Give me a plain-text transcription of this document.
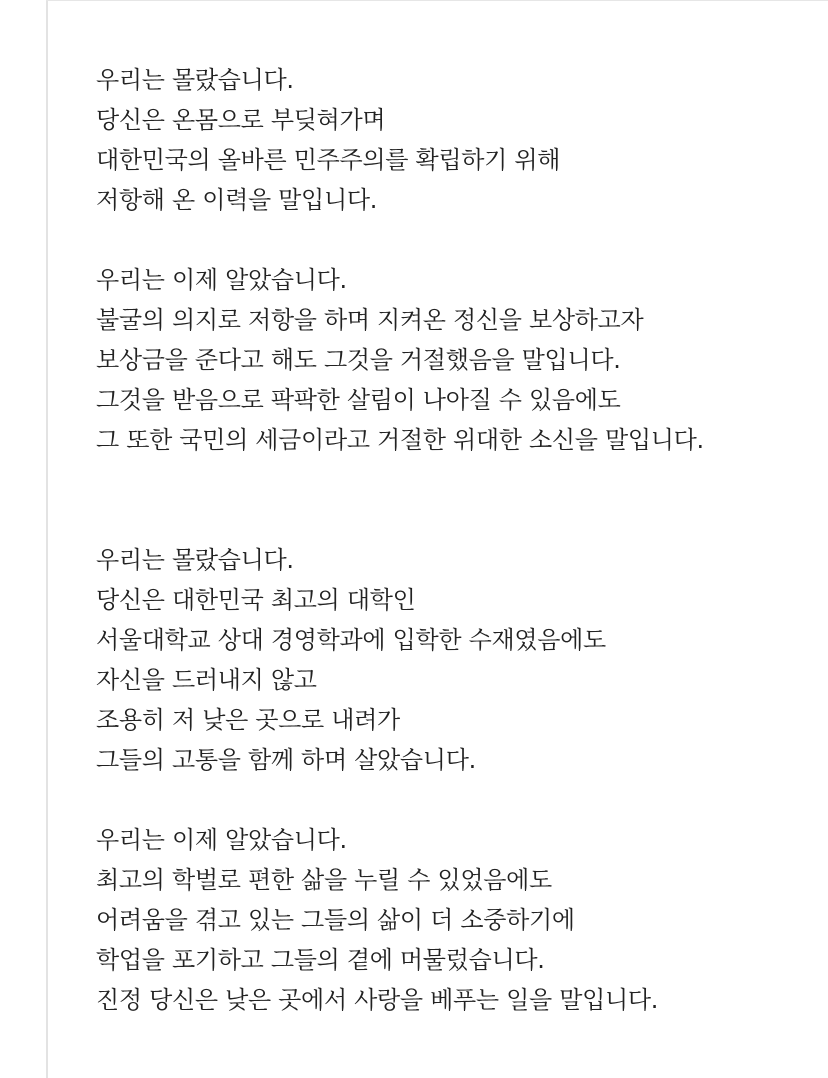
우리는 몰랐습니다.
당신은 온몸으로 부딪혀가며
대한민국의 올바른 민주주의를 확립하기 위해
저항해 온 이력을 말입니다.
우리는 이제 알았습니다.
불굴의 의지로 저항을 하며 지켜온 정신을 보상하고자
보상금을 준다고 해도 그것을 거절했음을 말입니다.
그것을 받음으로 팍팍한 살림이 나아질 수 있음에도
그 또한 국민의 세금이라고 거절한 위대한 소신을 말입니다.
우리는 몰랐습니다.
당신은 대한민국 최고의 대학인
서울대학교 상대 경영학과에 입학한 수재였음에도
자신을 드러내지 않고
조용히 저 낮은 곳으로 내려가
그들의 고통을 함께 하며 살았습니다.
우리는 이제 알았습니다.
최고의 학벌로 편한 삶을 누릴 수 있었음에도
어려움을 겪고 있는 그들의 삶이 더 소중하기에
학업을 포기하고 그들의 곁에 머물렀습니다.
진정 당신은 낮은 곳에서 사랑을 베푸는 일을 말입니다.
